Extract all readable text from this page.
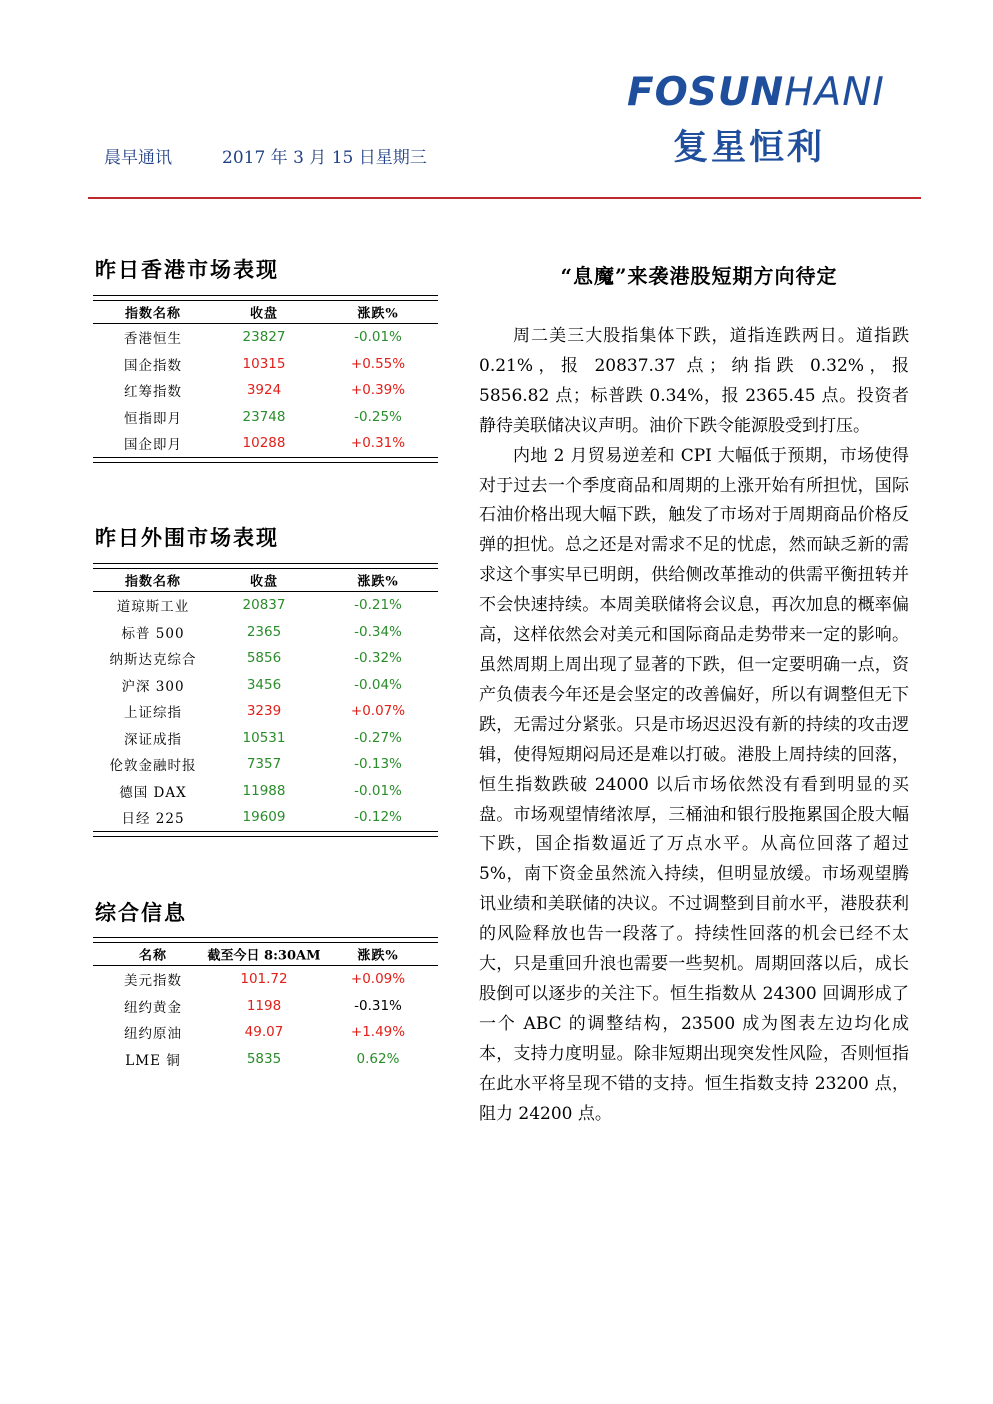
晨早通讯	2017 年 3 月 15 日星期三
FOSUNHANI
复星恒利
昨日香港市场表现
指数名称	收盘	涨跌%
香港恒生	23827	-0.01%
国企指数	10315	+0.55%
红筹指数	3924	+0.39%
恒指即月	23748	-0.25%
国企即月	10288	+0.31%
昨日外围市场表现
指数名称	收盘	涨跌%
道琼斯工业	20837	-0.21%
标普 500	2365	-0.34%
纳斯达克综合	5856	-0.32%
沪深 300	3456	-0.04%
上证综指	3239	+0.07%
深证成指	10531	-0.27%
伦敦金融时报	7357	-0.13%
德国 DAX	11988	-0.01%
日经 225	19609	-0.12%
综合信息
名称	截至今日 8:30AM	涨跌%
美元指数	101.72	+0.09%
纽约黄金	1198	-0.31%
纽约原油	49.07	+1.49%
LME 铜	5835	0.62%
“息魔”来袭港股短期方向待定

周二美三大股指集体下跌，道指连跌两日。道指跌 0.21%，报 20837.37 点；纳指跌 0.32%，报 5856.82 点；标普跌 0.34%，报 2365.45 点。投资者静待美联储决议声明。油价下跌令能源股受到打压。

内地 2 月贸易逆差和 CPI 大幅低于预期，市场使得对于过去一个季度商品和周期的上涨开始有所担忧，国际石油价格出现大幅下跌，触发了市场对于周期商品价格反弹的担忧。总之还是对需求不足的忧虑，然而缺乏新的需求这个事实早已明朗，供给侧改革推动的供需平衡扭转并不会快速持续。本周美联储将会议息，再次加息的概率偏高，这样依然会对美元和国际商品走势带来一定的影响。虽然周期上周出现了显著的下跌，但一定要明确一点，资产负债表今年还是会坚定的改善偏好，所以有调整但无下跌，无需过分紧张。只是市场迟迟没有新的持续的攻击逻辑，使得短期闷局还是难以打破。港股上周持续的回落，恒生指数跌破 24000 以后市场依然没有看到明显的买盘。市场观望情绪浓厚，三桶油和银行股拖累国企股大幅下跌，国企指数逼近了万点水平。从高位回落了超过 5%，南下资金虽然流入持续，但明显放缓。市场观望腾讯业绩和美联储的决议。不过调整到目前水平，港股获利的风险释放也告一段落了。持续性回落的机会已经不太大，只是重回升浪也需要一些契机。周期回落以后，成长股倒可以逐步的关注下。恒生指数从 24300 回调形成了一个 ABC 的调整结构，23500 成为图表左边均化成本，支持力度明显。除非短期出现突发性风险，否则恒指在此水平将呈现不错的支持。恒生指数支持 23200 点，阻力 24200 点。
